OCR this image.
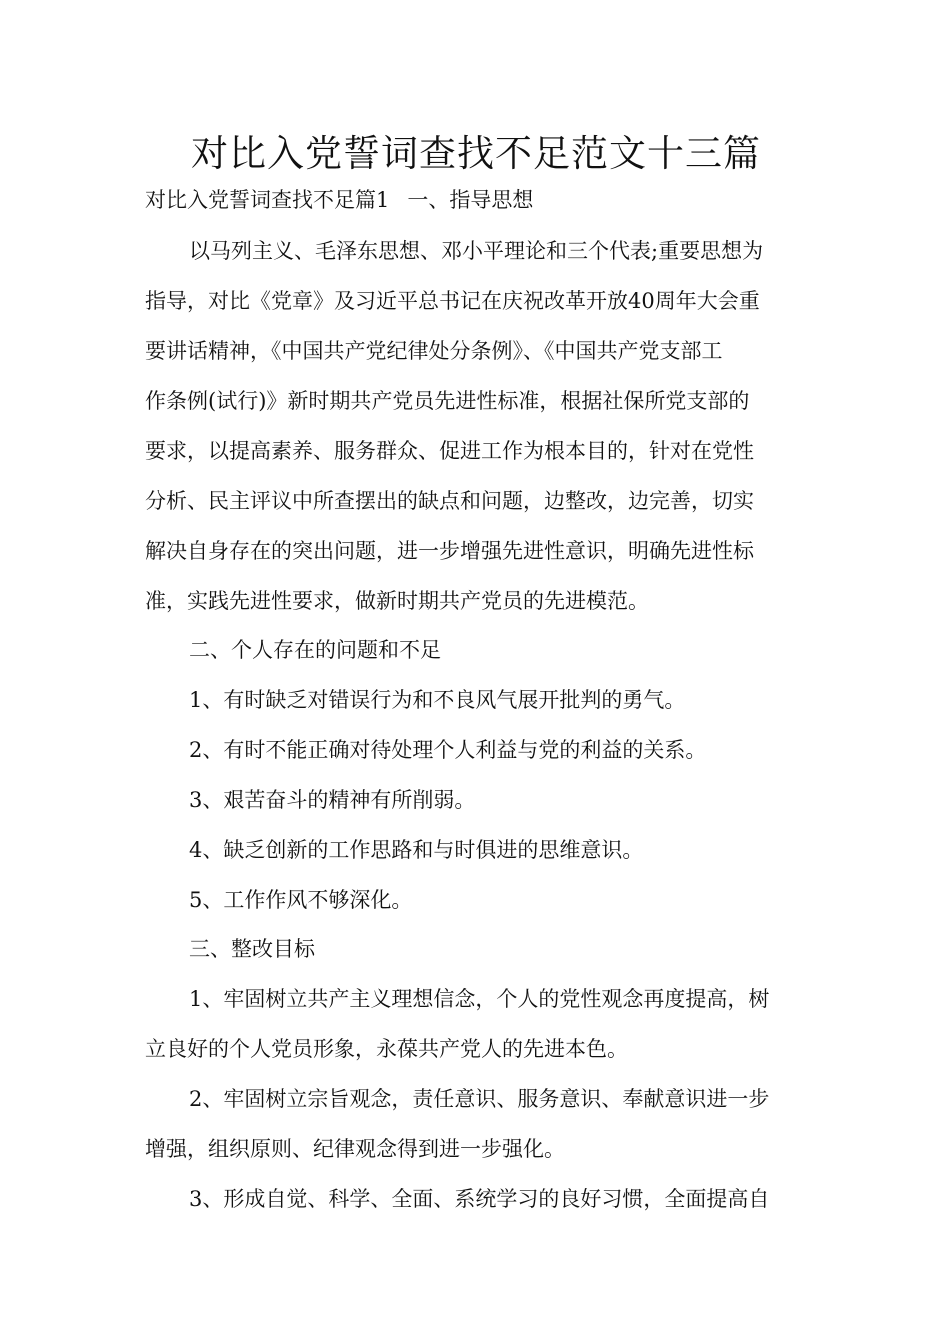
对比入党誓词查找不足范文十三篇
对比入党誓词查找不足篇1 一、指导思想
以马列主义、毛泽东思想、邓小平理论和三个代表;重要思想为
指导，对比《党章》及习近平总书记在庆祝改革开放40周年大会重
要讲话精神，《中国共产党纪律处分条例》、《中国共产党支部工
作条例(试行)》新时期共产党员先进性标准，根据社保所党支部的
要求，以提高素养、服务群众、促进工作为根本目的，针对在党性
分析、民主评议中所查摆出的缺点和问题，边整改，边完善，切实
解决自身存在的突出问题，进一步增强先进性意识，明确先进性标
准，实践先进性要求，做新时期共产党员的先进模范。
二、个人存在的问题和不足
1、有时缺乏对错误行为和不良风气展开批判的勇气。
2、有时不能正确对待处理个人利益与党的利益的关系。
3、艰苦奋斗的精神有所削弱。
4、缺乏创新的工作思路和与时俱进的思维意识。
5、工作作风不够深化。
三、整改目标
1、牢固树立共产主义理想信念，个人的党性观念再度提高，树
立良好的个人党员形象，永葆共产党人的先进本色。
2、牢固树立宗旨观念，责任意识、服务意识、奉献意识进一步
增强，组织原则、纪律观念得到进一步强化。
3、形成自觉、科学、全面、系统学习的良好习惯，全面提高自
